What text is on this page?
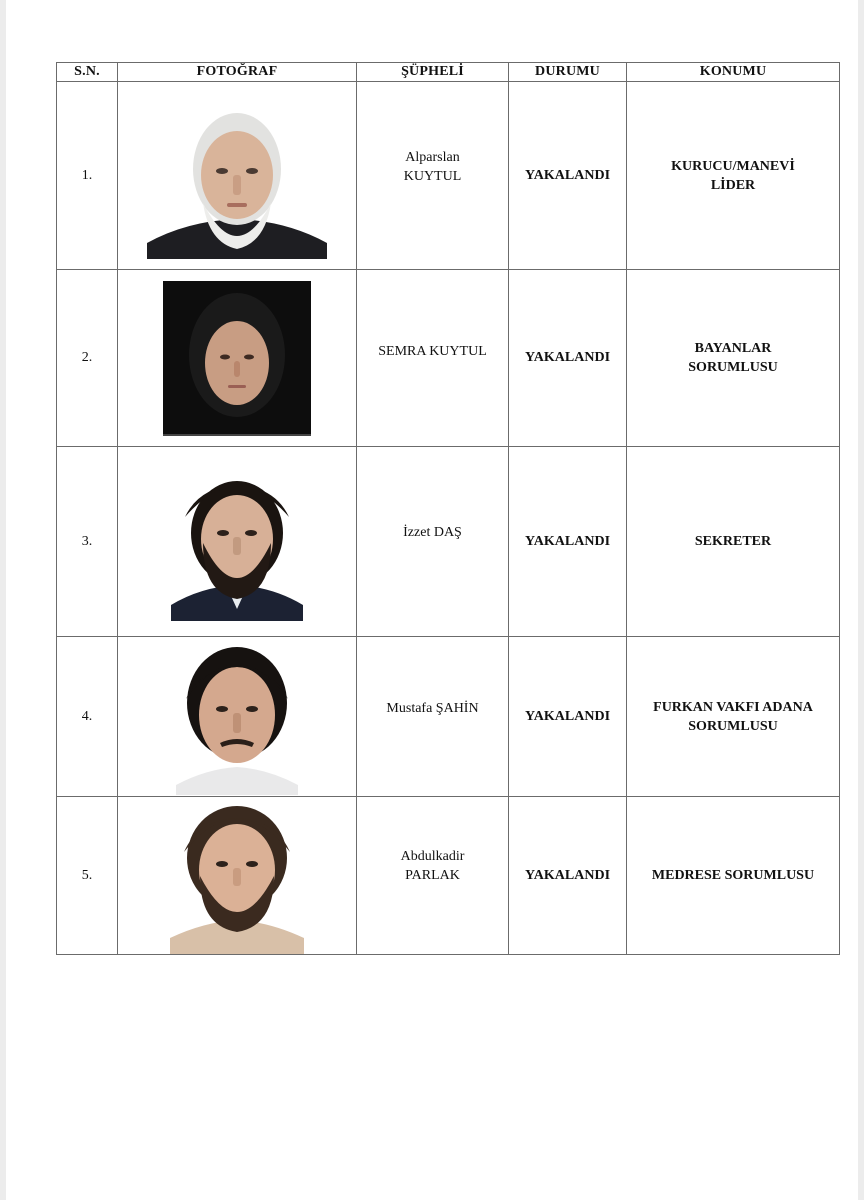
S.N.	FOTOĞRAF	ŞÜPHELİ	DURUMU	KONUMU
1.		Alparslan KUYTUL	YAKALANDI	KURUCU/MANEVİ LİDER

2.		SEMRA KUYTUL	YAKALANDI	BAYANLAR SORUMLUSU

3.		İzzet DAŞ	YAKALANDI	SEKRETER

4.		Mustafa ŞAHİN	YAKALANDI	FURKAN VAKFI ADANA SORUMLUSU

5.		Abdulkadir PARLAK	YAKALANDI	MEDRESE SORUMLUSU
